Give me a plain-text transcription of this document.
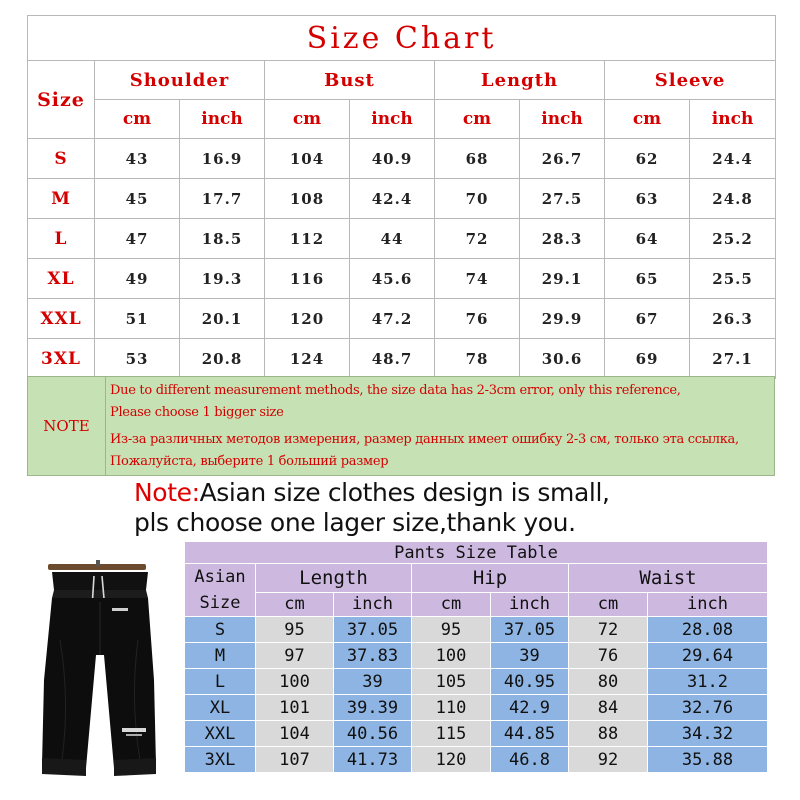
Size Chart								
Size	Shoulder		Bust		Length		Sleeve	
	cm	inch	cm	inch	cm	inch	cm	inch
S	43	16.9	104	40.9	68	26.7	62	24.4
M	45	17.7	108	42.4	70	27.5	63	24.8
L	47	18.5	112	44	72	28.3	64	25.2
XL	49	19.3	116	45.6	74	29.1	65	25.5
XXL	51	20.1	120	47.2	76	29.9	67	26.3
3XL	53	20.8	124	48.7	78	30.6	69	27.1
NOTE
Due to different measurement methods, the size data has 2-3cm error, only this reference,
Please choose 1 bigger size
Из-за различных методов измерения, размер данных имеет ошибку 2-3 см, только эта ссылка,
Пожалуйста, выберите 1 больший размер
Note:Asian size clothes design is small,
pls choose one lager size,thank you.
Pants Size Table						
Asian
Size	Length		Hip		Waist	
	cm	inch	cm	inch	cm	inch
S	95	37.05	95	37.05	72	28.08
M	97	37.83	100	39	76	29.64
L	100	39	105	40.95	80	31.2
XL	101	39.39	110	42.9	84	32.76
XXL	104	40.56	115	44.85	88	34.32
3XL	107	41.73	120	46.8	92	35.88
